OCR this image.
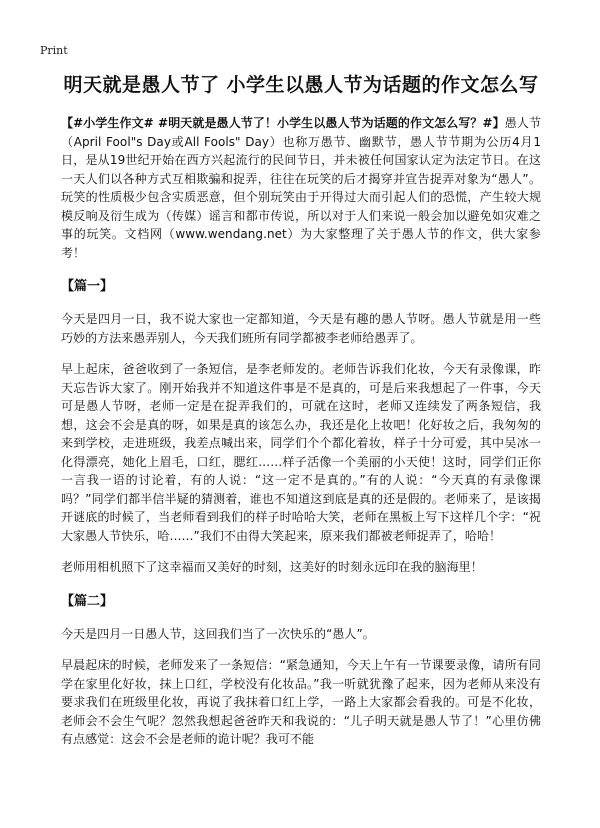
Print
明天就是愚人节了 小学生以愚人节为话题的作文怎么写

【#小学生作文# #明天就是愚人节了！小学生以愚人节为话题的作文怎么写？#】愚人节（April Fool"s Day或All Fools" Day）也称万愚节、幽默节，愚人节节期为公历4月1日，是从19世纪开始在西方兴起流行的民间节日，并未被任何国家认定为法定节日。在这一天人们以各种方式互相欺骗和捉弄，往往在玩笑的后才揭穿并宣告捉弄对象为“愚人”。玩笑的性质极少包含实质恶意，但个别玩笑由于开得过大而引起人们的恐慌，产生较大规模反响及衍生成为（传媒）谣言和都市传说，所以对于人们来说一般会加以避免如灾难之事的玩笑。文档网（www.wendang.net）为大家整理了关于愚人节的作文，供大家参考！

【篇一】

今天是四月一日，我不说大家也一定都知道，今天是有趣的愚人节呀。愚人节就是用一些巧妙的方法来愚弄别人，今天我们班所有同学都被李老师给愚弄了。

早上起床，爸爸收到了一条短信，是李老师发的。老师告诉我们化妆，今天有录像课，昨天忘告诉大家了。刚开始我并不知道这件事是不是真的，可是后来我想起了一件事，今天可是愚人节呀，老师一定是在捉弄我们的，可就在这时，老师又连续发了两条短信，我想，这会不会是真的呀，如果是真的该怎么办，我还是化上妆吧！化好妆之后，我匆匆的来到学校，走进班级，我差点喊出来，同学们个个都化着妆，样子十分可爱，其中吴冰一化得漂亮，她化上眉毛，口红，腮红……样子活像一个美丽的小天使！这时，同学们正你一言我一语的讨论着，有的人说：“这一定不是真的。”有的人说：“今天真的有录像课吗？”同学们都半信半疑的猜测着，谁也不知道这到底是真的还是假的。老师来了，是该揭开谜底的时候了，当老师看到我们的样子时哈哈大笑，老师在黑板上写下这样几个字：“祝大家愚人节快乐，哈……”我们不由得大笑起来，原来我们都被老师捉弄了，哈哈！

老师用相机照下了这幸福而又美好的时刻，这美好的时刻永远印在我的脑海里！

【篇二】

今天是四月一日愚人节，这回我们当了一次快乐的“愚人”。

早晨起床的时候，老师发来了一条短信：“紧急通知，今天上午有一节课要录像，请所有同学在家里化好妆，抹上口红，学校没有化妆品。”我一听就犹豫了起来，因为老师从来没有要求我们在班级里化妆，再说了我抹着口红上学，一路上大家都会看我的。可是不化妆，老师会不会生气呢？忽然我想起爸爸昨天和我说的：“儿子明天就是愚人节了！”心里仿佛有点感觉：这会不会是老师的诡计呢？我可不能
